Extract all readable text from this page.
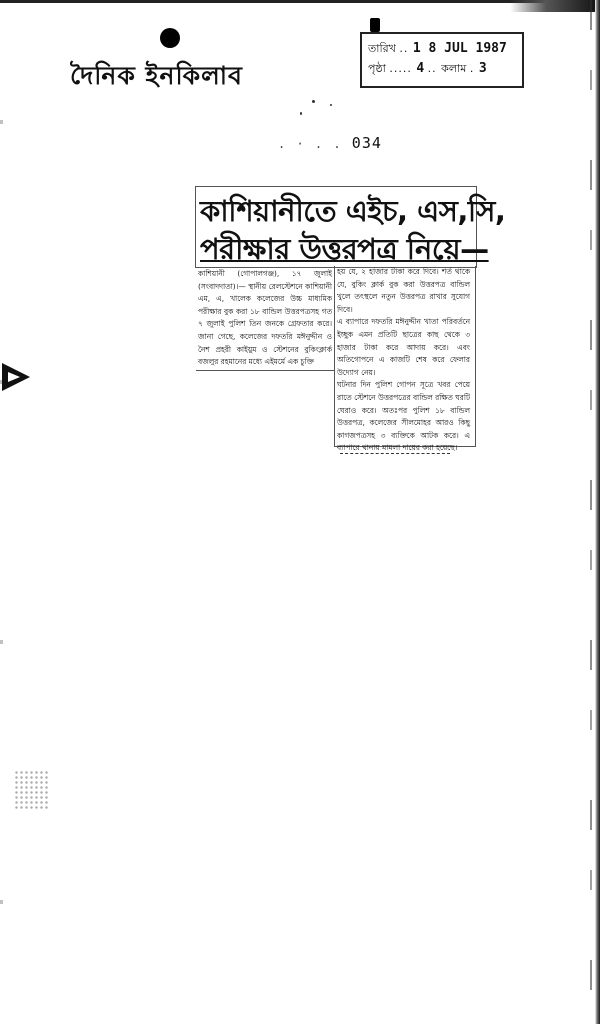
দৈনিক ইনকিলাব
তারিখ .. 1 8 JUL 1987
পৃষ্ঠা ..... 4 .. কলাম . 3
. · . . 034
কাশিয়ানীতে এইচ, এস,সি,
পরীক্ষার উত্তরপত্র নিয়ে—

কাশিয়ানী (গোপালগঞ্জ), ১৭ জুলাই (সংবাদদাতা)।— স্থানীয় রেলস্টেশনে কাশিয়ানী এম, এ, খালেক কলেজের উচ্চ মাধ্যমিক পরীক্ষার বুক করা ১৮ বান্ডিল উত্তরপত্রসহ গত ৭ জুলাই পুলিশ তিন জনকে গ্রেফতার করে। জানা গেছে, কলেজের দফতরি মঈনুদ্দীন ও নৈশ প্রহরী কাইয়ুম ও স্টেশনের বুকিংক্লার্ক বজলুর রহমানের মধ্যে এইমর্মে এক চুক্তি

হয় যে, ২ হাজার টাকা করে দিবে। শর্ত থাকে যে, বুকিং ক্লার্ক বুক করা উত্তরপত্র বান্ডিল খুলে তৎস্থলে নতুন উত্তরপত্র রাখার সুযোগ দিবে।

এ ব্যাপারে দফতরি মঈনুদ্দীন খাতা পরিবর্তনে ইচ্ছুক এমন প্রতিটি ছাত্রের কাছ থেকে ৩ হাজার টাকা করে আদায় করে। এবং অতিগোপনে এ কাজটি শেষ করে ফেলার উদ্যোগ নেয়।

ঘটনার দিন পুলিশ গোপন সূত্রে খবর পেয়ে রাতে স্টেশনে উত্তরপত্রের বান্ডিল রক্ষিত ঘরটি ঘেরাও করে। অতঃপর পুলিশ ১৮ বান্ডিল উত্তরপত্র, কলেজের সীলমোহর আরও কিছু কাগজপত্রসহ ৩ ব্যক্তিকে আটক করে। এ ব্যাপারে থানায় মামলা দায়ের করা হয়েছে।
